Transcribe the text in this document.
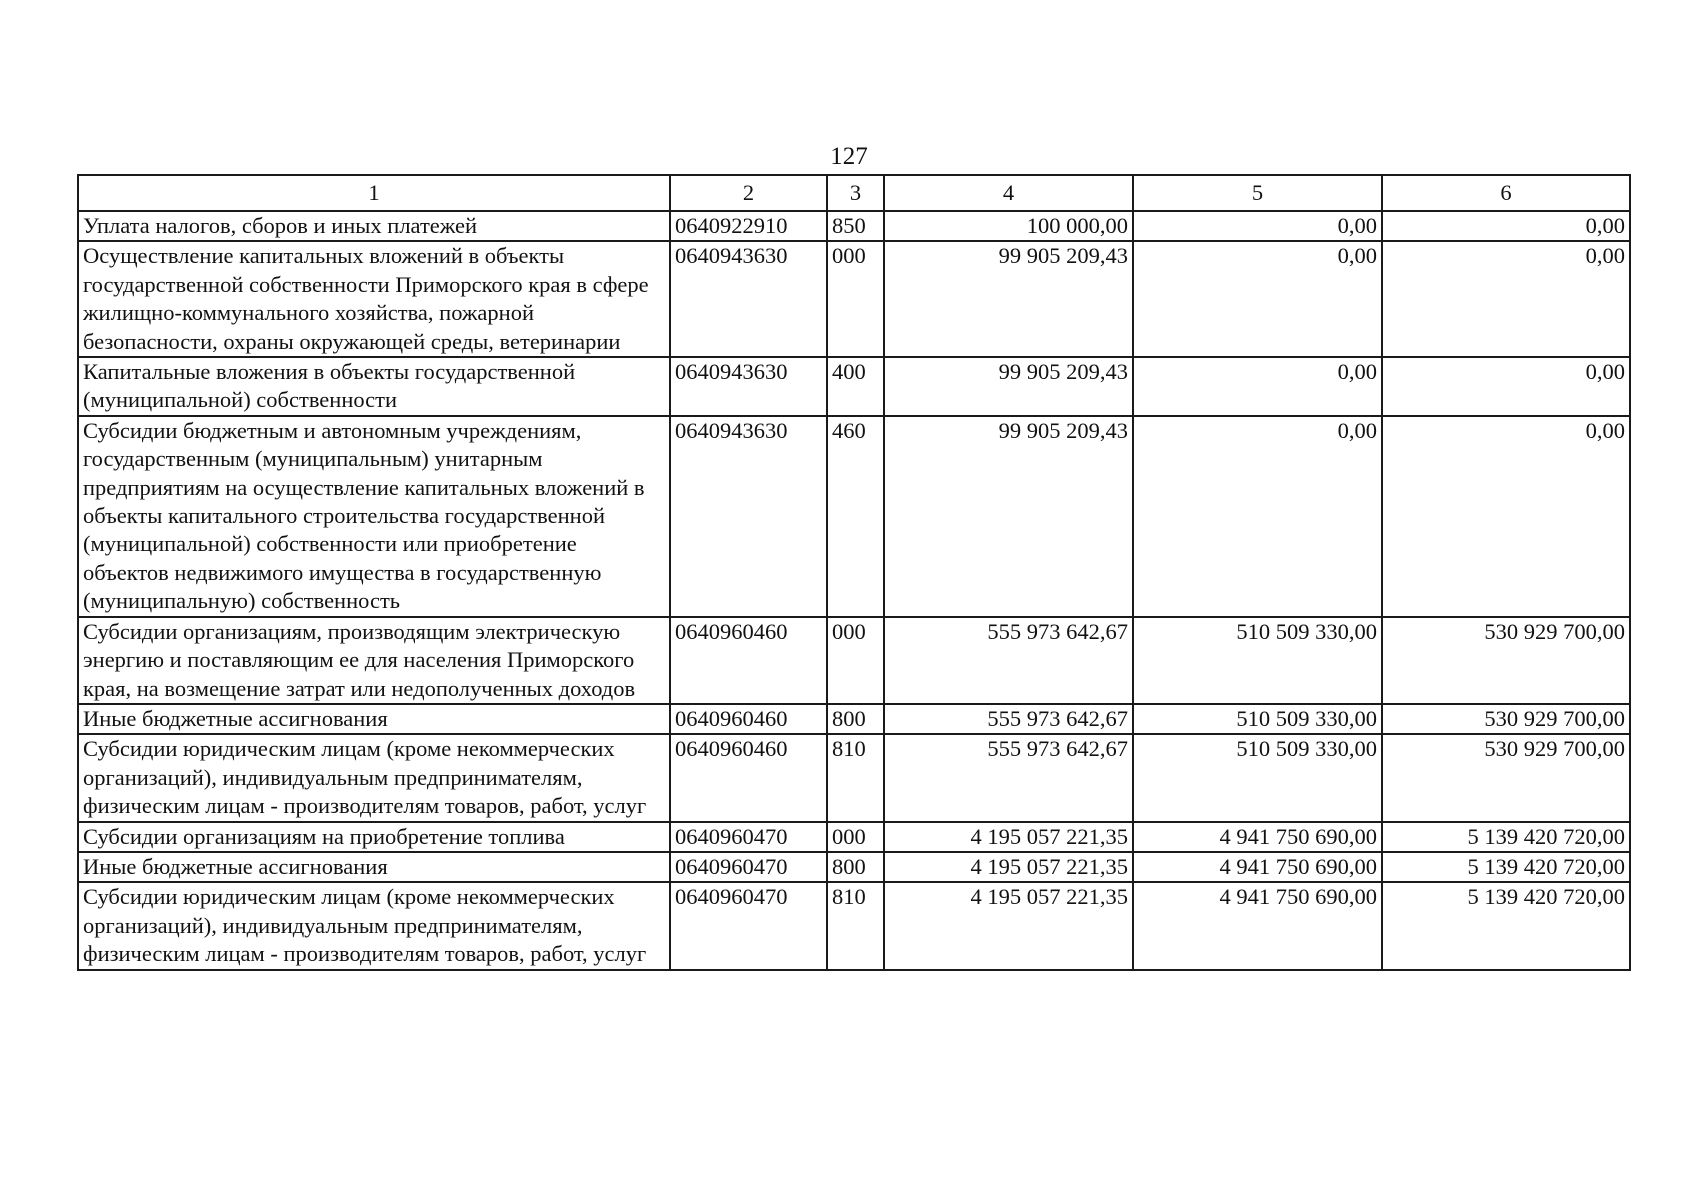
127
1	2	3	4	5	6
Уплата налогов, сборов и иных платежей	0640922910	850	100 000,00	0,00	0,00
Осуществление капитальных вложений в объекты государственной собственности Приморского края в сфере жилищно-коммунального хозяйства, пожарной безопасности, охраны окружающей среды, ветеринарии	0640943630	000	99 905 209,43	0,00	0,00
Капитальные вложения в объекты государственной (муниципальной) собственности	0640943630	400	99 905 209,43	0,00	0,00
Субсидии бюджетным и автономным учреждениям, государственным (муниципальным) унитарным предприятиям на осуществление капитальных вложений в объекты капитального строительства государственной (муниципальной) собственности или приобретение объектов недвижимого имущества в государственную (муниципальную) собственность	0640943630	460	99 905 209,43	0,00	0,00
Субсидии организациям, производящим электрическую энергию и поставляющим ее для населения Приморского края, на возмещение затрат или недополученных доходов	0640960460	000	555 973 642,67	510 509 330,00	530 929 700,00
Иные бюджетные ассигнования	0640960460	800	555 973 642,67	510 509 330,00	530 929 700,00
Субсидии юридическим лицам (кроме некоммерческих организаций), индивидуальным предпринимателям, физическим лицам - производителям товаров, работ, услуг	0640960460	810	555 973 642,67	510 509 330,00	530 929 700,00
Субсидии организациям на приобретение топлива	0640960470	000	4 195 057 221,35	4 941 750 690,00	5 139 420 720,00
Иные бюджетные ассигнования	0640960470	800	4 195 057 221,35	4 941 750 690,00	5 139 420 720,00
Субсидии юридическим лицам (кроме некоммерческих организаций), индивидуальным предпринимателям, физическим лицам - производителям товаров, работ, услуг	0640960470	810	4 195 057 221,35	4 941 750 690,00	5 139 420 720,00
